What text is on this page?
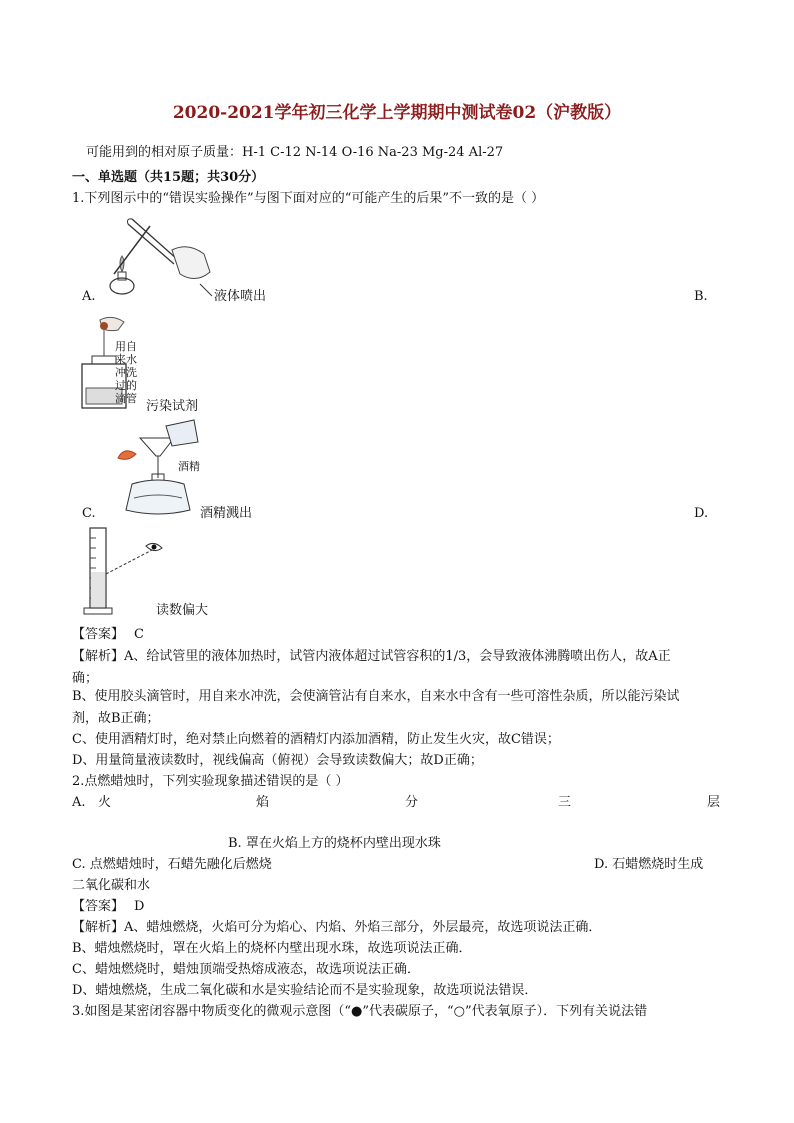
2020-2021学年初三化学上学期期中测试卷02（沪教版）
可能用到的相对原子质量：H-1 C-12 N-14 O-16 Na-23 Mg-24 Al-27
一、单选题（共15题；共30分）
1.下列图示中的“错误实验操作”与图下面对应的“可能产生的后果”不一致的是（ ）
A.	液体喷出	B.
用自
来水
冲洗
过的
滴管
污染试剂
酒精
C.	酒精溅出	D.
读数偏大
【答案】 C
【解析】A、给试管里的液体加热时，试管内液体超过试管容积的1/3，会导致液体沸腾喷出伤人，故A正
确；
B、使用胶头滴管时，用自来水冲洗，会使滴管沾有自来水，自来水中含有一些可溶性杂质，所以能污染试
剂，故B正确；
C、使用酒精灯时，绝对禁止向燃着的酒精灯内添加酒精，防止发生火灾，故C错误；
D、用量筒量液读数时，视线偏高（俯视）会导致读数偏大；故D正确；
2.点燃蜡烛时，下列实验现象描述错误的是（ ）
A. 火	焰	分	三	层
B. 罩在火焰上方的烧杯内壁出现水珠
C. 点燃蜡烛时，石蜡先融化后燃烧	D. 石蜡燃烧时生成
二氧化碳和水
【答案】 D
【解析】A、蜡烛燃烧，火焰可分为焰心、内焰、外焰三部分，外层最亮，故选项说法正确．
B、蜡烛燃烧时，罩在火焰上的烧杯内壁出现水珠，故选项说法正确．
C、蜡烛燃烧时，蜡烛顶端受热熔成液态，故选项说法正确．
D、蜡烛燃烧，生成二氧化碳和水是实验结论而不是实验现象，故选项说法错误．
3.如图是某密闭容器中物质变化的微观示意图（“●”代表碳原子，“○”代表氧原子）．下列有关说法错
